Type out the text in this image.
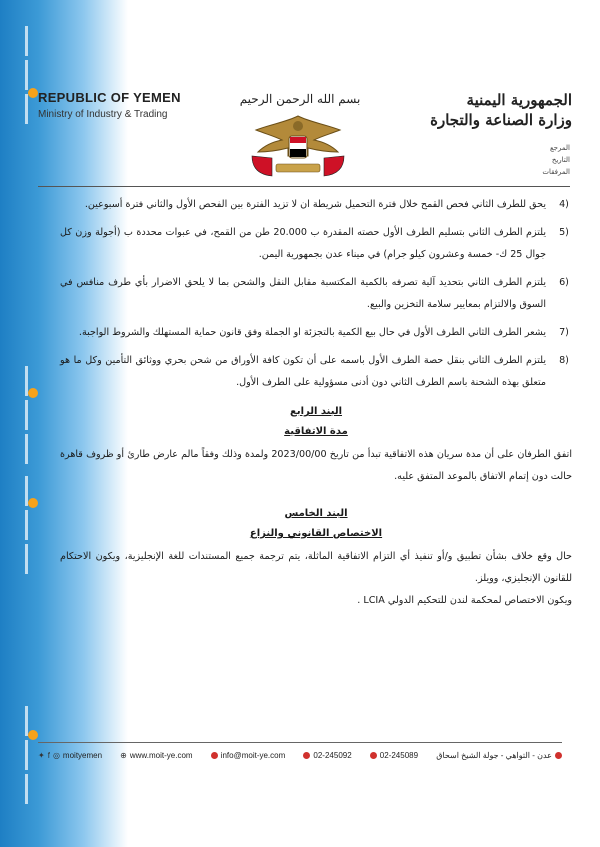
REPUBLIC OF YEMEN
Ministry of Industry & Trading
بسم الله الرحمن الرحيم	الجمهورية اليمنية
وزارة الصناعة والتجارة
المرجع
التاريخ
المرفقات
4)
يحق للطرف الثاني فحص القمح خلال فترة التحميل شريطة ان لا تزيد الفترة بين الفحص الأول والثاني فترة أسبوعين.
5)
يلتزم الطرف الثاني بتسليم الطرف الأول حصته المقدرة ب 20.000 طن من القمح، في عبوات محددة ب (أجولة وزن كل جوال 25 ك- خمسة وعشرون كيلو جرام) في ميناء عدن بجمهورية اليمن.
6)
يلتزم الطرف الثاني بتحديد آلية تصرفه بالكمية المكتسبة مقابل النقل والشحن بما لا يلحق الاضرار بأي طرف منافس في السوق والالتزام بمعايير سلامة التخزين والبيع.
7)
يشعر الطرف الثاني الطرف الأول في حال بيع الكمية بالتجزئة او الجملة وفق قانون حماية المستهلك والشروط الواجبة.
8)
يلتزم الطرف الثاني بنقل حصة الطرف الأول باسمه على أن تكون كافة الأوراق من شحن بحري ووثائق التأمين وكل ما هو متعلق بهذه الشحنة باسم الطرف الثاني دون أدنى مسؤولية على الطرف الأول.
البند الرابع
مدة الاتفاقية
اتفق الطرفان على أن مدة سريان هذه الاتفاقية تبدأ من تاريخ 2023/00/00 ولمدة وذلك وفقاً مالم عارض طارئ أو ظروف قاهرة حالت دون إتمام الاتفاق بالموعد المتفق عليه.
البند الخامس
الاختصاص القانوني والنزاع
حال وقع خلاف بشأن تطبيق و/أو تنفيذ أي التزام الاتفاقية الماثلة، يتم ترجمة جميع المستندات للغة الإنجليزية، ويكون الاحتكام للقانون الإنجليزي، وويلز.
ويكون الاختصاص لمحكمة لندن للتحكيم الدولي LCIA .
✦ f ◎ moityemen ⊕ www.moit-ye.com	info@moit-ye.com	02-245092	02-245089 عدن - التواهي - جولة الشيخ اسحاق
